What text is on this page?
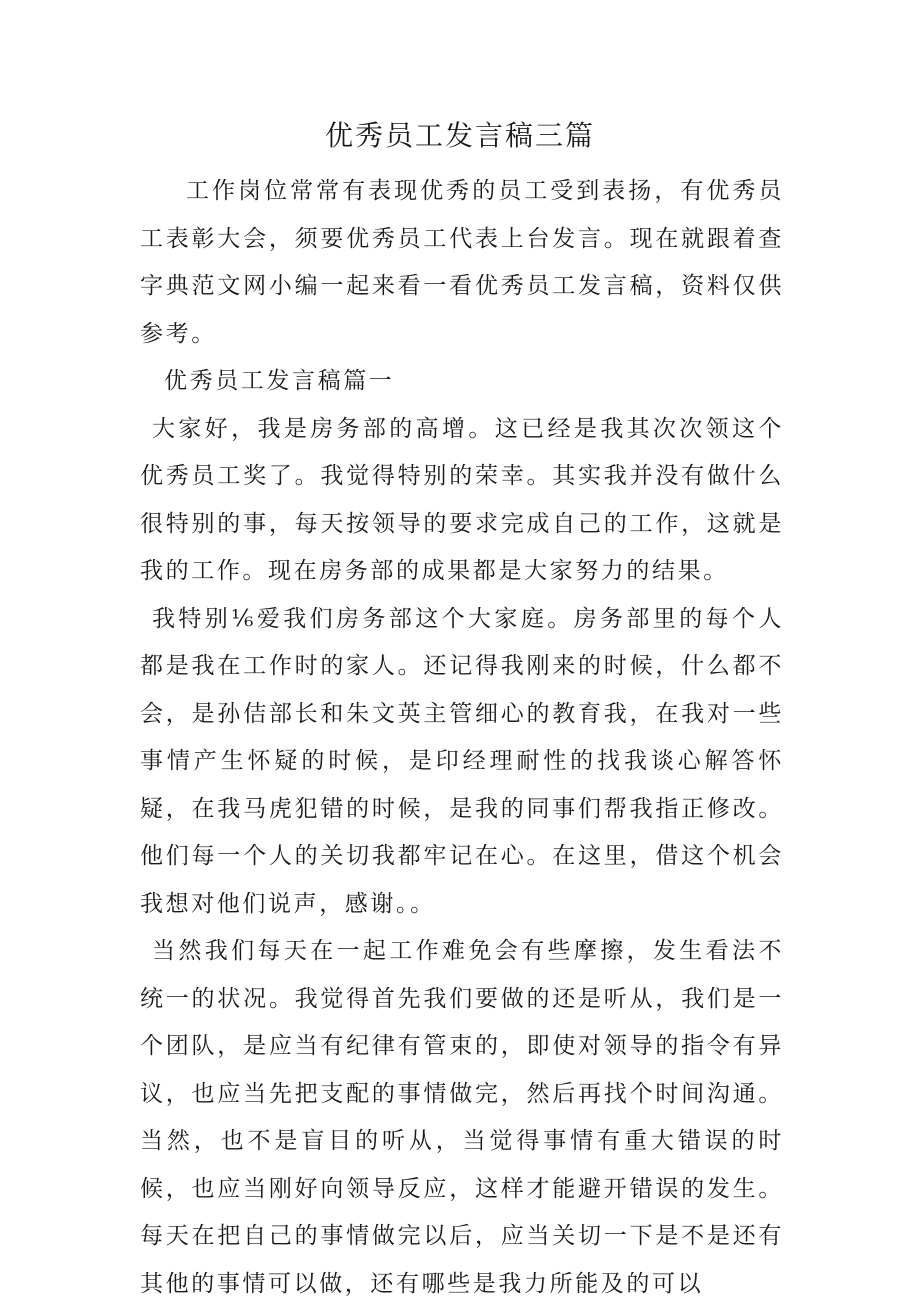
优秀员工发言稿三篇

工作岗位常常有表现优秀的员工受到表扬，有优秀员工表彰大会，须要优秀员工代表上台发言。现在就跟着查字典范文网小编一起来看一看优秀员工发言稿，资料仅供参考。

优秀员工发言稿篇一

大家好，我是房务部的高增。这已经是我其次次领这个优秀员工奖了。我觉得特别的荣幸。其实我并没有做什么很特别的事，每天按领导的要求完成自己的工作，这就是我的工作。现在房务部的成果都是大家努力的结果。

我特别⅙爱我们房务部这个大家庭。房务部里的每个人都是我在工作时的家人。还记得我刚来的时候，什么都不会，是孙佶部长和朱文英主管细心的教育我，在我对一些事情产生怀疑的时候，是印经理耐性的找我谈心解答怀疑，在我马虎犯错的时候，是我的同事们帮我指正修改。他们每一个人的关切我都牢记在心。在这里，借这个机会我想对他们说声，感谢。。

当然我们每天在一起工作难免会有些摩擦，发生看法不统一的状况。我觉得首先我们要做的还是听从，我们是一个团队，是应当有纪律有管束的，即使对领导的指令有异议，也应当先把支配的事情做完，然后再找个时间沟通。当然，也不是盲目的听从，当觉得事情有重大错误的时候，也应当刚好向领导反应，这样才能避开错误的发生。每天在把自己的事情做完以后，应当关切一下是不是还有其他的事情可以做，还有哪些是我力所能及的可以
